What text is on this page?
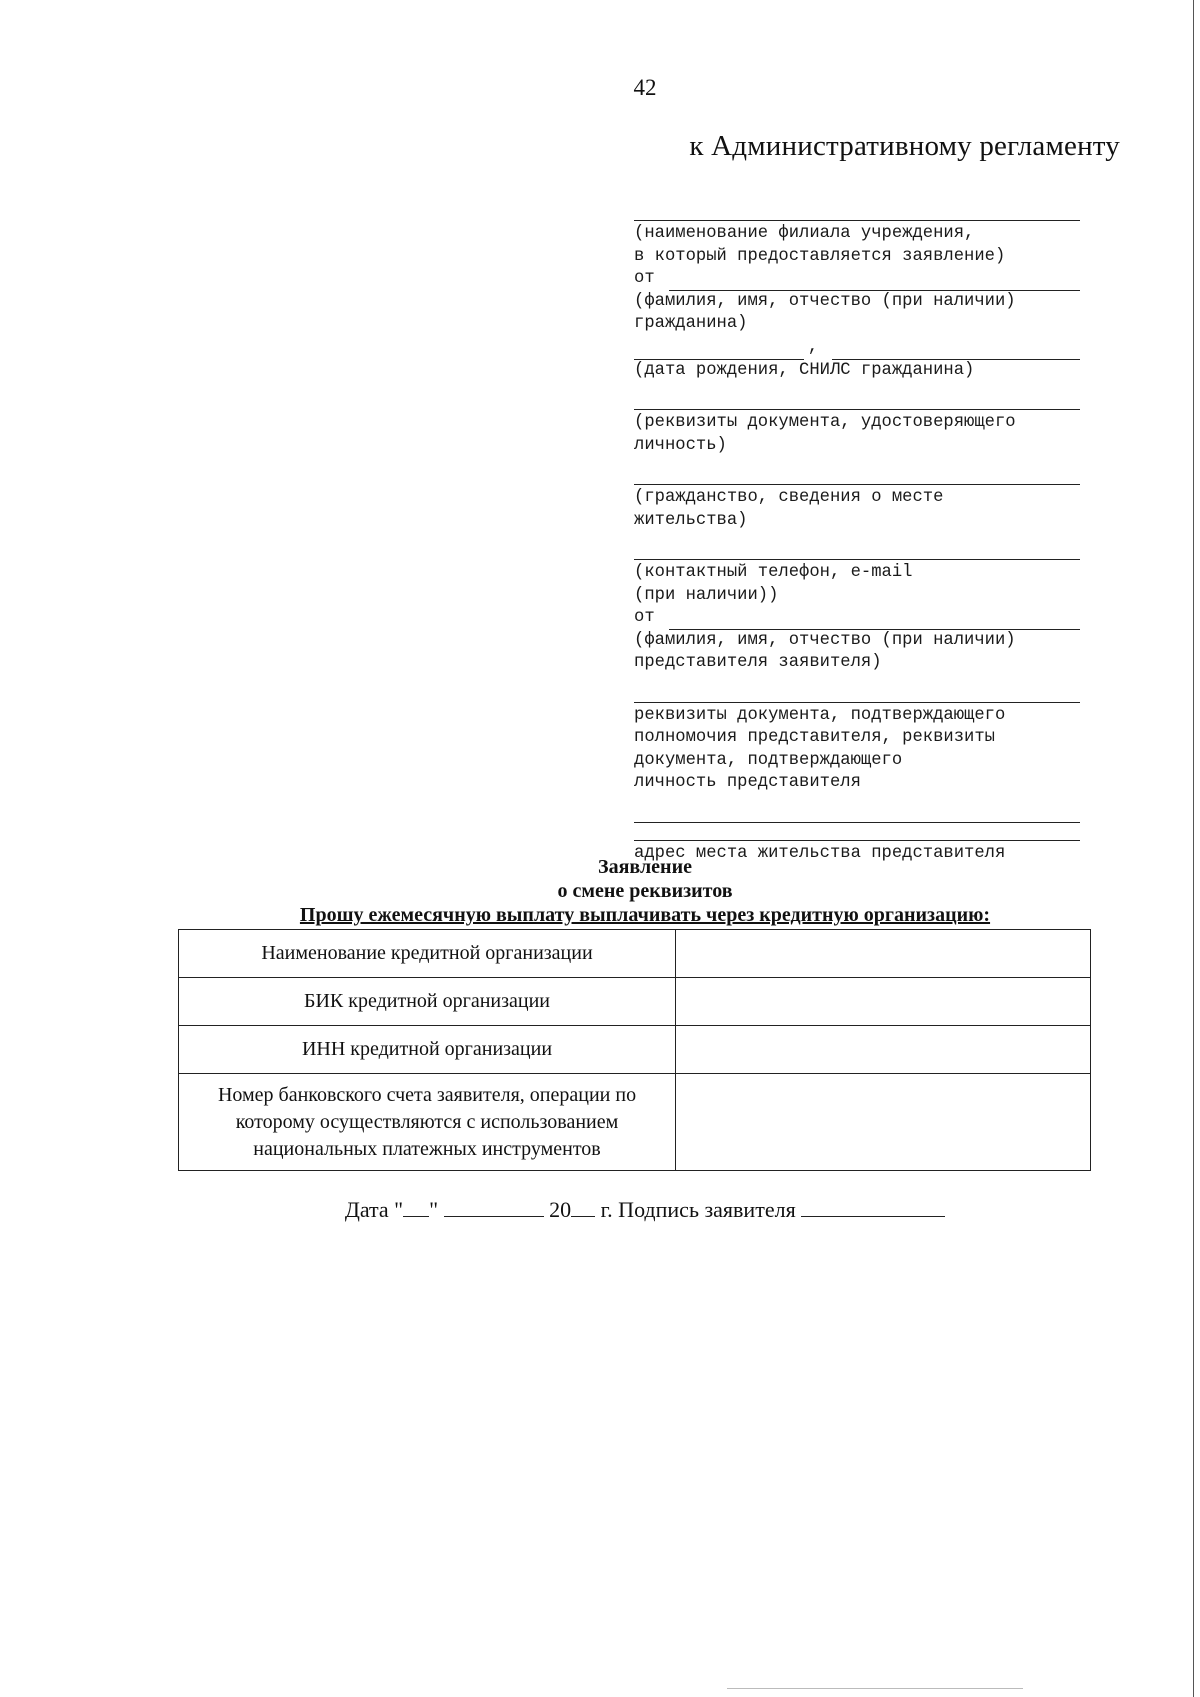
42
к Административному регламенту
(наименование филиала учреждения,
в который предоставляется заявление)
от
(фамилия, имя, отчество (при наличии)
гражданина)
,
(дата рождения, СНИЛС гражданина)
(реквизиты документа, удостоверяющего
личность)
(гражданство, сведения о месте
жительства)
(контактный телефон, e-mail
(при наличии))
от
(фамилия, имя, отчество (при наличии)
представителя заявителя)
реквизиты документа, подтверждающего
полномочия представителя, реквизиты
документа, подтверждающего
личность представителя
адрес места жительства представителя
Заявление
о смене реквизитов
Прошу ежемесячную выплату выплачивать через кредитную организацию:
Наименование кредитной организации	
БИК кредитной организации	
ИНН кредитной организации	
Номер банковского счета заявителя, операции по которому осуществляются с использованием национальных платежных инструментов	
Дата " "	20 г. Подпись заявителя
